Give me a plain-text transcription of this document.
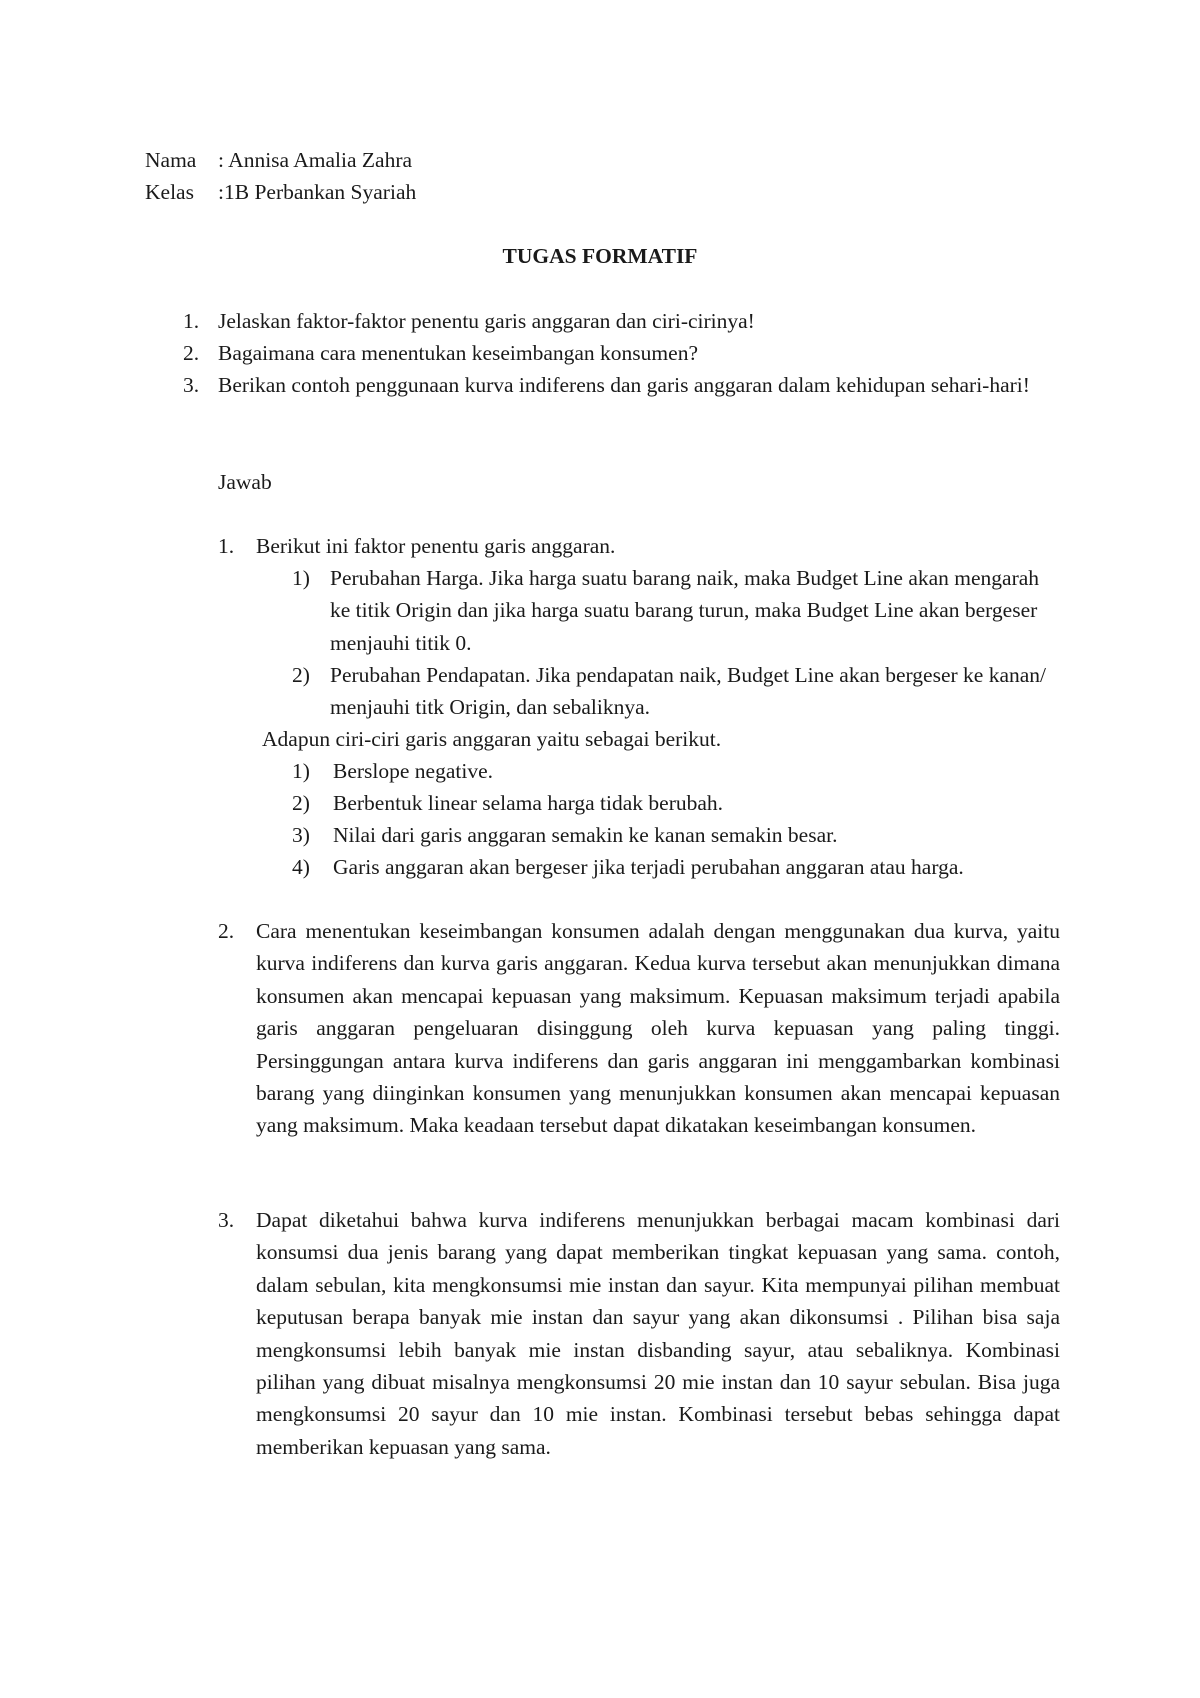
Nama	: Annisa Amalia Zahra
Kelas	:1B Perbankan Syariah
TUGAS FORMATIF
1. Jelaskan faktor-faktor penentu garis anggaran dan ciri-cirinya!
2. Bagaimana cara menentukan keseimbangan konsumen?
3. Berikan contoh penggunaan kurva indiferens dan garis anggaran dalam kehidupan sehari-hari!
Jawab
1. Berikut ini faktor penentu garis anggaran.
1) Perubahan Harga. Jika harga suatu barang naik, maka Budget Line akan mengarah ke titik Origin dan jika harga suatu barang turun, maka Budget Line akan bergeser menjauhi titik 0.
2) Perubahan Pendapatan. Jika pendapatan naik, Budget Line akan bergeser ke kanan/ menjauhi titk Origin, dan sebaliknya.
Adapun ciri-ciri garis anggaran yaitu sebagai berikut.
1) Berslope negative.
2) Berbentuk linear selama harga tidak berubah.
3) Nilai dari garis anggaran semakin ke kanan semakin besar.
4) Garis anggaran akan bergeser jika terjadi perubahan anggaran atau harga.
2. Cara menentukan keseimbangan konsumen adalah dengan menggunakan dua kurva, yaitu kurva indiferens dan kurva garis anggaran. Kedua kurva tersebut akan menunjukkan dimana konsumen akan mencapai kepuasan yang maksimum. Kepuasan maksimum terjadi apabila garis anggaran pengeluaran disinggung oleh kurva kepuasan yang paling tinggi. Persinggungan antara kurva indiferens dan garis anggaran ini menggambarkan kombinasi barang yang diinginkan konsumen yang menunjukkan konsumen akan mencapai kepuasan yang maksimum. Maka keadaan tersebut dapat dikatakan keseimbangan konsumen.
3. Dapat diketahui bahwa kurva indiferens menunjukkan berbagai macam kombinasi dari konsumsi dua jenis barang yang dapat memberikan tingkat kepuasan yang sama. contoh, dalam sebulan, kita mengkonsumsi mie instan dan sayur. Kita mempunyai pilihan membuat keputusan berapa banyak mie instan dan sayur yang akan dikonsumsi . Pilihan bisa saja mengkonsumsi lebih banyak mie instan disbanding sayur, atau sebaliknya. Kombinasi pilihan yang dibuat misalnya mengkonsumsi 20 mie instan dan 10 sayur sebulan. Bisa juga mengkonsumsi 20 sayur dan 10 mie instan. Kombinasi tersebut bebas sehingga dapat memberikan kepuasan yang sama.
